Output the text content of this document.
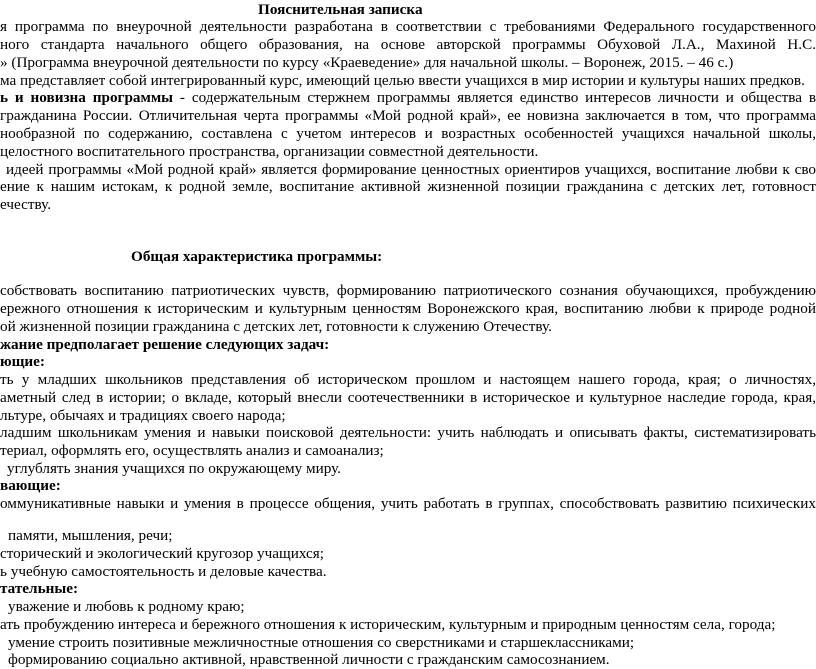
Пояснительная записка
я программа по внеурочной деятельности разработана в соответствии с требованиями Федерального государственного
ного стандарта начального общего образования, на основе авторской программы Обуховой Л.А., Махиной Н.С.
» (Программа внеурочной деятельности по курсу «Краеведение» для начальной школы. – Воронеж, 2015. – 46 с.)
ма представляет собой интегрированный курс, имеющий целью ввести учащихся в мир истории и культуры наших предков.
ь и новизна программы - содержательным стержнем программы является единство интересов личности и общества в
гражданина России. Отличительная черта программы «Мой родной край», ее новизна заключается в том, что программа
нообразной по содержанию, составлена с учетом интересов и возрастных особенностей учащихся начальной школы,
целостного воспитательного пространства, организации совместной деятельности.
идеей программы «Мой родной край» является формирование ценностных ориентиров учащихся, воспитание любви к сво
ение к нашим истокам, к родной земле, воспитание активной жизненной позиции гражданина с детских лет, готовност
ечеству.
Общая характеристика программы:
собствовать воспитанию патриотических чувств, формированию патриотического сознания обучающихся, пробуждению
ережного отношения к историческим и культурным ценностям Воронежского края, воспитанию любви к природе родной
ой жизненной позиции гражданина с детских лет, готовности к служению Отечеству.
жание предполагает решение следующих задач:
ющие:
ть у младших школьников представления об историческом прошлом и настоящем нашего города, края; о личностях,
аметный след в истории; о вкладе, который внесли соотечественники в историческое и культурное наследие города, края,
льтуре, обычаях и традициях своего народа;
ладшим школьникам умения и навыки поисковой деятельности: учить наблюдать и описывать факты, систематизировать
териал, оформлять его, осуществлять анализ и самоанализ;
углублять знания учащихся по окружающему миру.
вающие:
оммуникативные навыки и умения в процессе общения, учить работать в группах, способствовать развитию психических
памяти, мышления, речи;
сторический и экологический кругозор учащихся;
ь учебную самостоятельность и деловые качества.
тательные:
уважение и любовь к родному краю;
ать пробуждению интереса и бережного отношения к историческим, культурным и природным ценностям села, города;
умение строить позитивные межличностные отношения со сверстниками и старшеклассниками;
формированию социально активной, нравственной личности с гражданским самосознанием.
